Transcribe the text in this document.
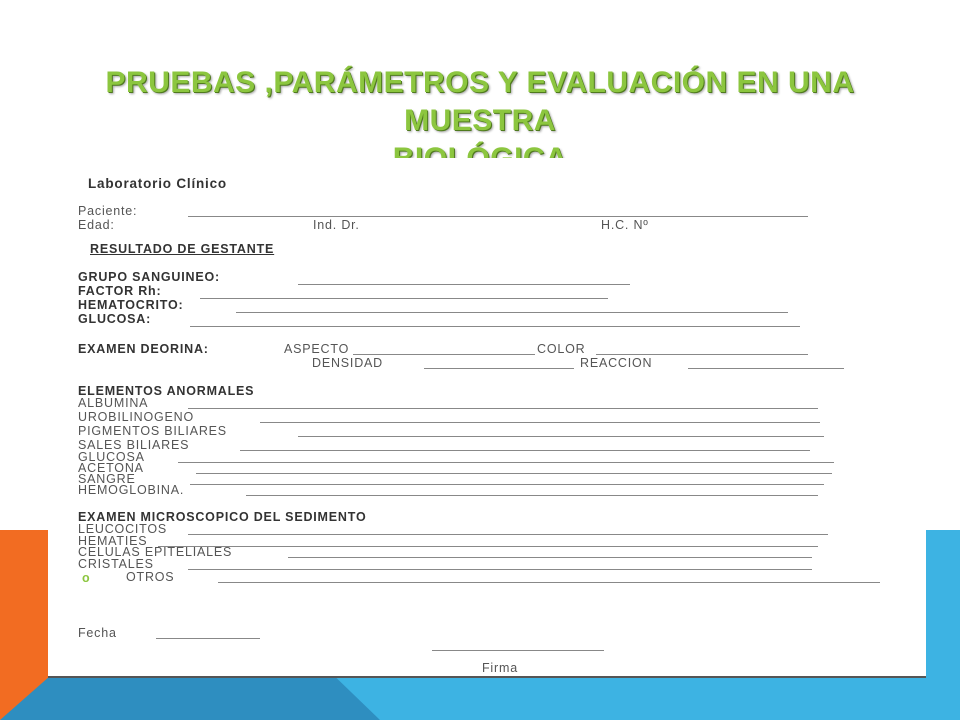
PRUEBAS ,PARÁMETROS Y EVALUACIÓN EN UNA MUESTRA
Laboratorio Clínico
Paciente:
Edad:	Ind. Dr.	H.C. Nº
RESULTADO DE GESTANTE
GRUPO SANGUINEO:
FACTOR Rh:
HEMATOCRITO:
GLUCOSA:
EXAMEN DEORINA:	ASPECTO	COLOR
DENSIDAD	REACCION
ELEMENTOS ANORMALES
ALBUMINA
UROBILINOGENO
PIGMENTOS BILIARES
SALES BILIARES
GLUCOSA
ACETONA
SANGRE
HEMOGLOBINA.
EXAMEN MICROSCOPICO DEL SEDIMENTO
LEUCOCITOS
HEMATIES
CELULAS EPITELIALES
CRISTALES
o	OTROS
Fecha
Firma
